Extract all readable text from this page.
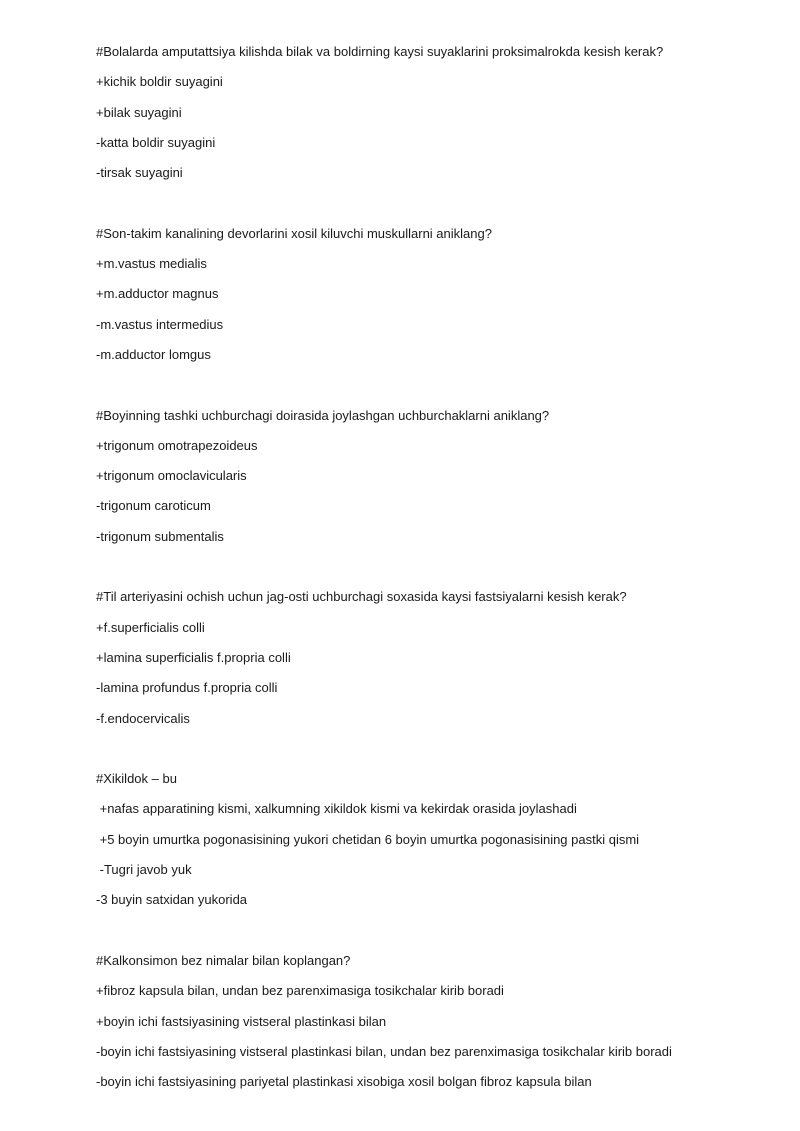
#Bolalarda amputattsiya kilishda bilak va boldirning kaysi suyaklarini proksimalrokda kesish kerak?
+kichik boldir suyagini
+bilak suyagini
-katta boldir suyagini
-tirsak suyagini
#Son-takim kanalining devorlarini xosil kiluvchi muskullarni aniklang?
+m.vastus medialis
+m.adductor magnus
-m.vastus intermedius
-m.adductor lomgus
#Boyinning tashki uchburchagi doirasida joylashgan uchburchaklarni aniklang?
+trigonum omotrapezoideus
+trigonum omoclavicularis
-trigonum caroticum
-trigonum submentalis
#Til arteriyasini ochish uchun jag-osti uchburchagi soxasida kaysi fastsiyalarni kesish kerak?
+f.superficialis colli
+lamina superficialis f.propria colli
-lamina profundus f.propria colli
-f.endocervicalis
#Xikildok – bu
+nafas apparatining kismi, xalkumning xikildok kismi va kekirdak orasida joylashadi
+5 boyin umurtka pogonasisining yukori chetidan 6 boyin umurtka pogonasisining pastki qismi
-Tugri javob yuk
-3 buyin satxidan yukorida
#Kalkonsimon bez nimalar bilan koplangan?
+fibroz kapsula bilan, undan bez parenximasiga tosikchalar kirib boradi
+boyin ichi fastsiyasining vistseral plastinkasi bilan
-boyin ichi fastsiyasining vistseral plastinkasi bilan, undan bez parenximasiga tosikchalar kirib boradi
-boyin ichi fastsiyasining pariyetal plastinkasi xisobiga xosil bolgan fibroz kapsula bilan
